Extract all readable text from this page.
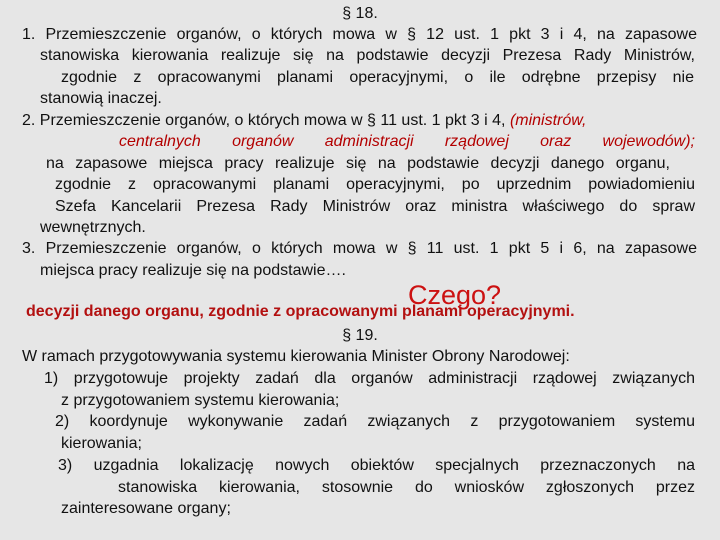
§ 18.
1. Przemieszczenie organów, o których mowa w § 12 ust. 1 pkt 3 i 4, na zapasowe
stanowiska kierowania realizuje się na podstawie decyzji Prezesa Rady Ministrów,
zgodnie z opracowanymi planami operacyjnymi, o ile odrębne przepisy nie
stanowią inaczej.
2. Przemieszczenie organów, o których mowa w § 11 ust. 1 pkt 3 i 4, (ministrów,
centralnych organów administracji rządowej oraz wojewodów);
na zapasowe miejsca pracy realizuje się na podstawie decyzji danego organu,
zgodnie z opracowanymi planami operacyjnymi, po uprzednim powiadomieniu
Szefa Kancelarii Prezesa Rady Ministrów oraz ministra właściwego do spraw
wewnętrznych.
3. Przemieszczenie organów, o których mowa w § 11 ust. 1 pkt 5 i 6, na zapasowe
miejsca pracy realizuje się na podstawie….
Czego?
decyzji danego organu, zgodnie z opracowanymi planami operacyjnymi.
§ 19.
W ramach przygotowywania systemu kierowania Minister Obrony Narodowej:
1) przygotowuje projekty zadań dla organów administracji rządowej związanych
z przygotowaniem systemu kierowania;
2) koordynuje wykonywanie zadań związanych z przygotowaniem systemu
kierowania;
3) uzgadnia lokalizację nowych obiektów specjalnych przeznaczonych na
stanowiska kierowania, stosownie do wniosków zgłoszonych przez
zainteresowane organy;
